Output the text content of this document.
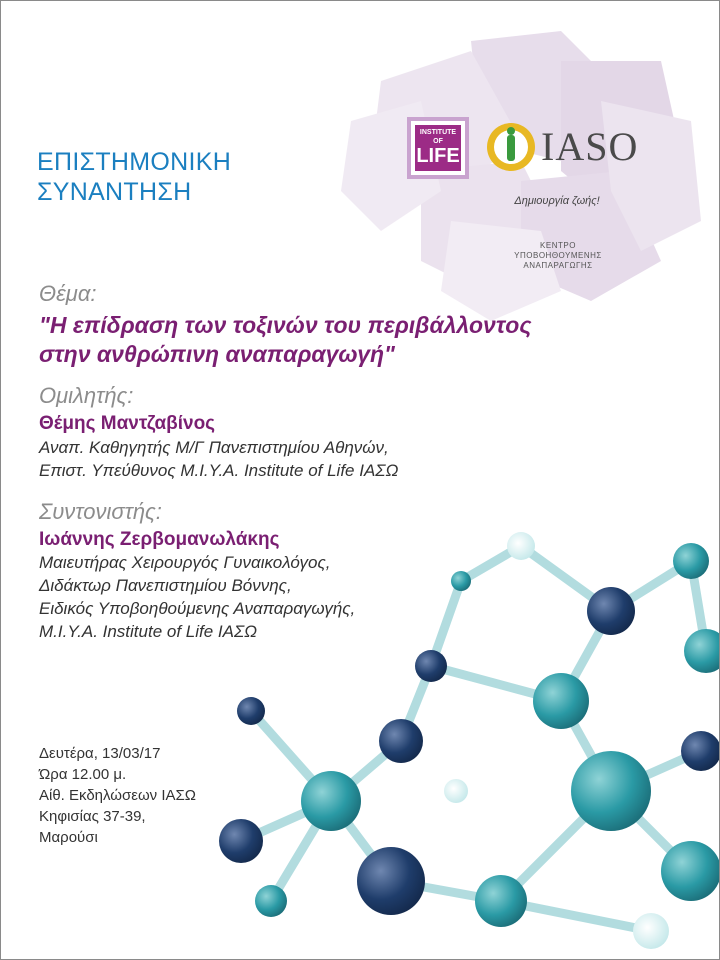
ΕΠΙΣΤΗΜΟΝΙΚΗ
ΣΥΝΑΝΤΗΣΗ
INSTITUTE OF
LIFE
IASO
Δημιουργία ζωής!
ΚΕΝΤΡΟ
ΥΠΟΒΟΗΘΟΥΜΕΝΗΣ
ΑΝΑΠΑΡΑΓΩΓΗΣ
Θέμα:
"Η επίδραση των τοξινών του περιβάλλοντος
στην ανθρώπινη αναπαραγωγή"
Ομιλητής:
Θέμης Μαντζαβίνος
Αναπ. Καθηγητής Μ/Γ Πανεπιστημίου Αθηνών,
Επιστ. Υπεύθυνος Μ.Ι.Υ.Α. Institute of Life ΙΑΣΩ
Συντονιστής:
Ιωάννης Ζερβομανωλάκης
Μαιευτήρας Χειρουργός Γυναικολόγος,
Διδάκτωρ Πανεπιστημίου Βόννης,
Ειδικός Υποβοηθούμενης Αναπαραγωγής,
Μ.Ι.Υ.Α. Institute of Life ΙΑΣΩ
Δευτέρα, 13/03/17
Ώρα 12.00 μ.
Αίθ. Εκδηλώσεων ΙΑΣΩ
Κηφισίας 37-39,
Μαρούσι
